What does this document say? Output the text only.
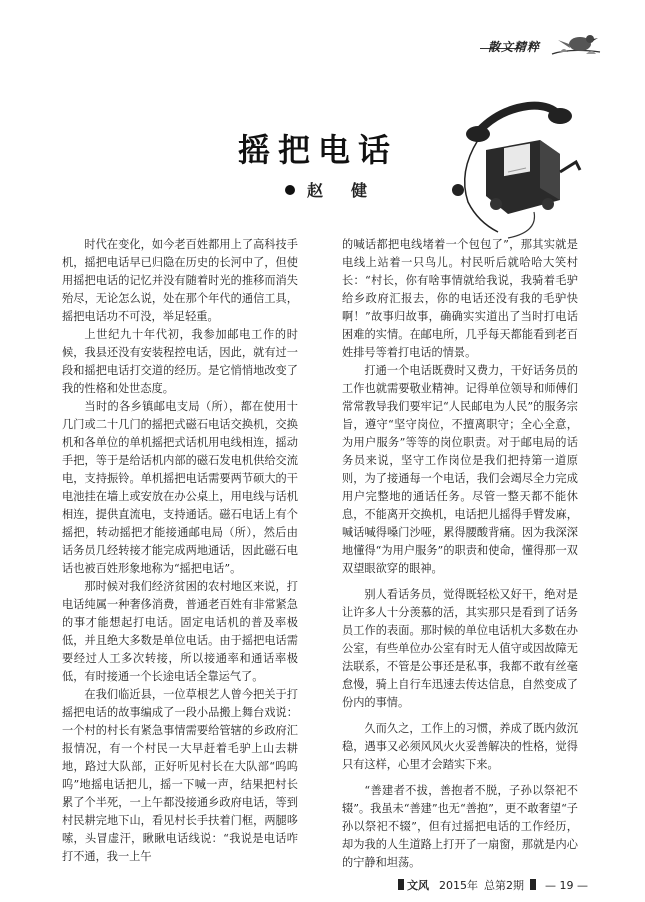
散文精粹
摇把电话
赵　健

时代在变化，如今老百姓都用上了高科技手机，摇把电话早已归隐在历史的长河中了，但使用摇把电话的记忆并没有随着时光的推移而消失殆尽，无论怎么说，处在那个年代的通信工具，摇把电话功不可没，举足轻重。

上世纪九十年代初，我参加邮电工作的时候，我县还没有安装程控电话，因此，就有过一段和摇把电话打交道的经历。是它悄悄地改变了我的性格和处世态度。

当时的各乡镇邮电支局（所），都在使用十几门或二十几门的摇把式磁石电话交换机，交换机和各单位的单机摇把式话机用电线相连，摇动手把，等于是给话机内部的磁石发电机供给交流电，支持振铃。单机摇把电话需要两节硕大的干电池挂在墙上或安放在办公桌上，用电线与话机相连，提供直流电，支持通话。磁石电话上有个摇把，转动摇把才能接通邮电局（所），然后由话务员几经转接才能完成两地通话，因此磁石电话也被百姓形象地称为“摇把电话”。

那时候对我们经济贫困的农村地区来说，打电话纯属一种奢侈消费，普通老百姓有非常紧急的事才能想起打电话。固定电话机的普及率极低，并且绝大多数是单位电话。由于摇把电话需要经过人工多次转接，所以接通率和通话率极低，有时接通一个长途电话全靠运气了。

在我们临近县，一位草根艺人曾今把关于打摇把电话的故事编成了一段小品搬上舞台戏说：一个村的村长有紧急事情需要给管辖的乡政府汇报情况，有一个村民一大早赶着毛驴上山去耕地，路过大队部，正好听见村长在大队部“呜呜呜”地摇电话把儿，摇一下喊一声，结果把村长累了个半死，一上午都没接通乡政府电话，等到村民耕完地下山，看见村长手扶着门框，两腿哆嗦，头冒虚汗，瞅瞅电话线说：“我说是电话咋打不通，我一上午

的喊话都把电线堵着一个包包了”，那其实就是电线上站着一只鸟儿。村民听后就哈哈大笑村长：“村长，你有啥事情就给我说，我骑着毛驴给乡政府汇报去，你的电话还没有我的毛驴快啊！”故事归故事，确确实实道出了当时打电话困难的实情。在邮电所，几乎每天都能看到老百姓排号等着打电话的情景。

打通一个电话既费时又费力，干好话务员的工作也就需要敬业精神。记得单位领导和师傅们常常教导我们要牢记“人民邮电为人民”的服务宗旨，遵守“坚守岗位，不擅离职守；全心全意，为用户服务”等等的岗位职责。对于邮电局的话务员来说，坚守工作岗位是我们把持第一道原则，为了接通每一个电话，我们会竭尽全力完成用户完整地的通话任务。尽管一整天都不能休息，不能离开交换机，电话把儿摇得手臂发麻，喊话喊得嗓门沙哑，累得腰酸背痛。因为我深深地懂得“为用户服务”的职责和使命，懂得那一双双望眼欲穿的眼神。

别人看话务员，觉得既轻松又好干，绝对是让许多人十分羡慕的活，其实那只是看到了话务员工作的表面。那时候的单位电话机大多数在办公室，有些单位办公室有时无人值守或因故障无法联系，不管是公事还是私事，我都不敢有丝毫怠慢，骑上自行车迅速去传达信息，自然变成了份内的事情。

久而久之，工作上的习惯，养成了既内敛沉稳，遇事又必须风风火火妥善解决的性格，觉得只有这样，心里才会踏实下来。

“善建者不拔，善抱者不脱，子孙以祭祀不辍”。我虽未“善建”也无“善抱”，更不敢奢望“子孙以祭祀不辍”，但有过摇把电话的工作经历，却为我的人生道路上打开了一扇窗，那就是内心的宁静和坦荡。

文风 2015年 总第2期 — 19 —
